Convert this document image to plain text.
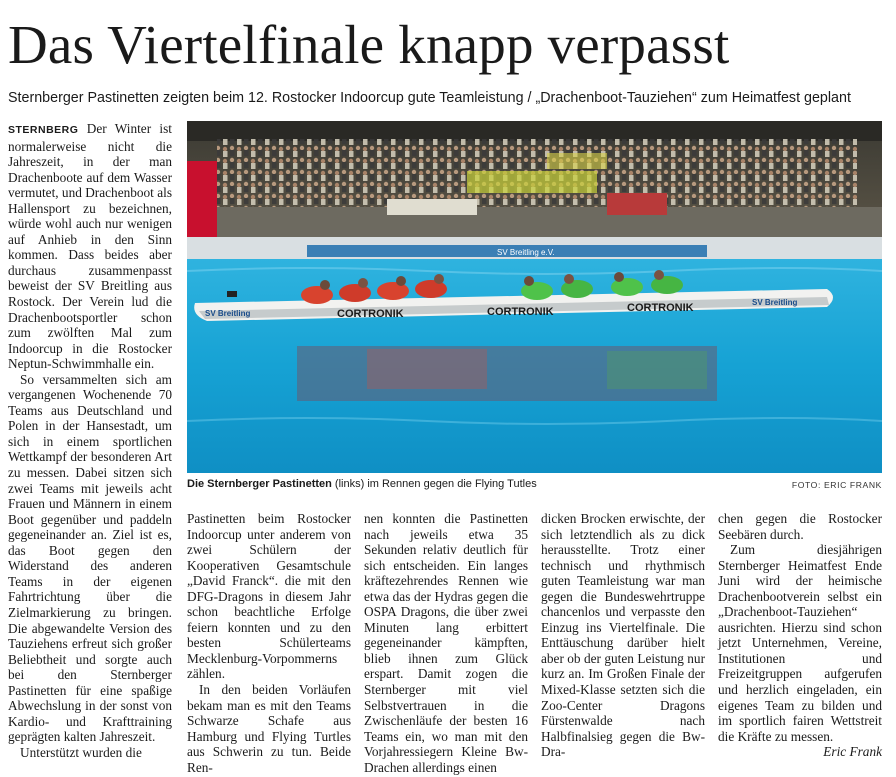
Das Viertelfinale knapp verpasst
Sternberger Pastinetten zeigten beim 12. Rostocker Indoorcup gute Teamleistung / „Drachenboot-Tauziehen“ zum Heimatfest geplant

STERNBERG Der Winter ist normalerweise nicht die Jahreszeit, in der man Drachenboote auf dem Wasser vermutet, und Drachenboot als Hallensport zu bezeichnen, würde wohl auch nur wenigen auf Anhieb in den Sinn kommen. Dass beides aber durchaus zusammenpasst beweist der SV Breitling aus Rostock. Der Verein lud die Drachenbootsportler schon zum zwölften Mal zum Indoorcup in die Rostocker Neptun-Schwimmhalle ein.

So versammelten sich am vergangenen Wochenende 70 Teams aus Deutschland und Polen in der Hansestadt, um sich in einem sportlichen Wettkampf der besonderen Art zu messen. Dabei sitzen sich zwei Teams mit jeweils acht Frauen und Männern in einem Boot gegenüber und paddeln gegeneinander an. Ziel ist es, das Boot gegen den Widerstand des anderen Teams in der eigenen Fahrtrichtung über die Zielmarkierung zu bringen. Die abgewandelte Version des Tauziehens erfreut sich großer Beliebtheit und sorgte auch bei den Sternberger Pastinetten für eine spaßige Abwechslung in der sonst von Kardio- und Krafttraining geprägten kalten Jahreszeit.

Unterstützt wurden die

SV Breitling e.V.
SV Breitling	CORTRONIK	CORTRONIK	CORTRONIK	SV Breitling
Die Sternberger Pastinetten (links) im Rennen gegen die Flying Tutles	FOTO: ERIC FRANK

Pastinetten beim Rostocker Indoorcup unter anderem von zwei Schülern der Kooperativen Gesamtschule „David Franck“. die mit den DFG-Dragons in diesem Jahr schon beachtliche Erfolge feiern konnten und zu den besten Schülerteams Mecklenburg-Vorpommerns zählen.

In den beiden Vorläufen bekam man es mit den Teams Schwarze Schafe aus Hamburg und Flying Turtles aus Schwerin zu tun. Beide Ren-

nen konnten die Pastinetten nach jeweils etwa 35 Sekunden relativ deutlich für sich entscheiden. Ein langes kräftezehrendes Rennen wie etwa das der Hydras gegen die OSPA Dragons, die über zwei Minuten lang erbittert gegeneinander kämpften, blieb ihnen zum Glück erspart. Damit zogen die Sternberger mit viel Selbstvertrauen in die Zwischenläufe der besten 16 Teams ein, wo man mit den Vorjahressiegern Kleine Bw-Drachen allerdings einen

dicken Brocken erwischte, der sich letztendlich als zu dick herausstellte. Trotz einer technisch und rhythmisch guten Teamleistung war man gegen die Bundeswehrtruppe chancenlos und verpasste den Einzug ins Viertelfinale. Die Enttäuschung darüber hielt aber ob der guten Leistung nur kurz an. Im Großen Finale der Mixed-Klasse setzten sich die Zoo-Center Dragons Fürstenwalde nach Halbfinalsieg gegen die Bw-Dra-

chen gegen die Rostocker Seebären durch.

Zum diesjährigen Sternberger Heimatfest Ende Juni wird der heimische Drachenbootverein selbst ein „Drachenboot-Tauziehen“ ausrichten. Hierzu sind schon jetzt Unternehmen, Vereine, Institutionen und Freizeitgruppen aufgerufen und herzlich eingeladen, ein eigenes Team zu bilden und im sportlich fairen Wettstreit die Kräfte zu messen.

Eric Frank
